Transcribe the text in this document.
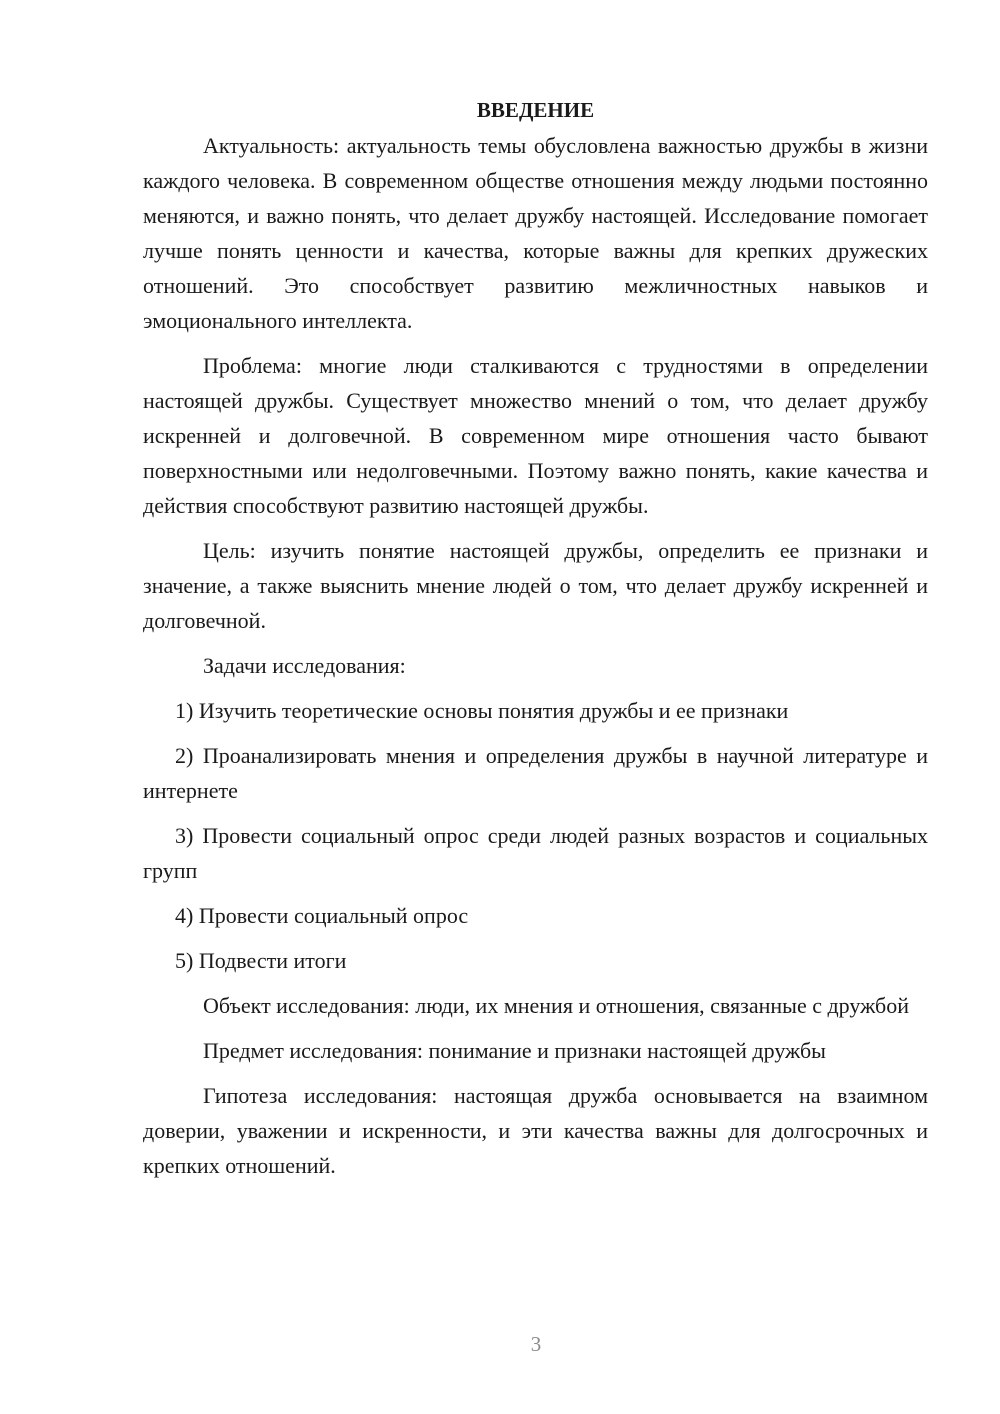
ВВЕДЕНИЕ

Актуальность: актуальность темы обусловлена важностью дружбы в жизни каждого человека. В современном обществе отношения между людьми постоянно меняются, и важно понять, что делает дружбу настоящей. Исследование помогает лучше понять ценности и качества, которые важны для крепких дружеских отношений. Это способствует развитию межличностных навыков и эмоционального интеллекта.

Проблема: многие люди сталкиваются с трудностями в определении настоящей дружбы. Существует множество мнений о том, что делает дружбу искренней и долговечной. В современном мире отношения часто бывают поверхностными или недолговечными. Поэтому важно понять, какие качества и действия способствуют развитию настоящей дружбы.

Цель: изучить понятие настоящей дружбы, определить ее признаки и значение, а также выяснить мнение людей о том, что делает дружбу искренней и долговечной.

Задачи исследования:

1) Изучить теоретические основы понятия дружбы и ее признаки

2) Проанализировать мнения и определения дружбы в научной литературе и интернете

3) Провести социальный опрос среди людей разных возрастов и социальных групп

4) Провести социальный опрос

5) Подвести итоги

Объект исследования: люди, их мнения и отношения, связанные с дружбой

Предмет исследования: понимание и признаки настоящей дружбы

Гипотеза исследования: настоящая дружба основывается на взаимном доверии, уважении и искренности, и эти качества важны для долгосрочных и крепких отношений.

3
